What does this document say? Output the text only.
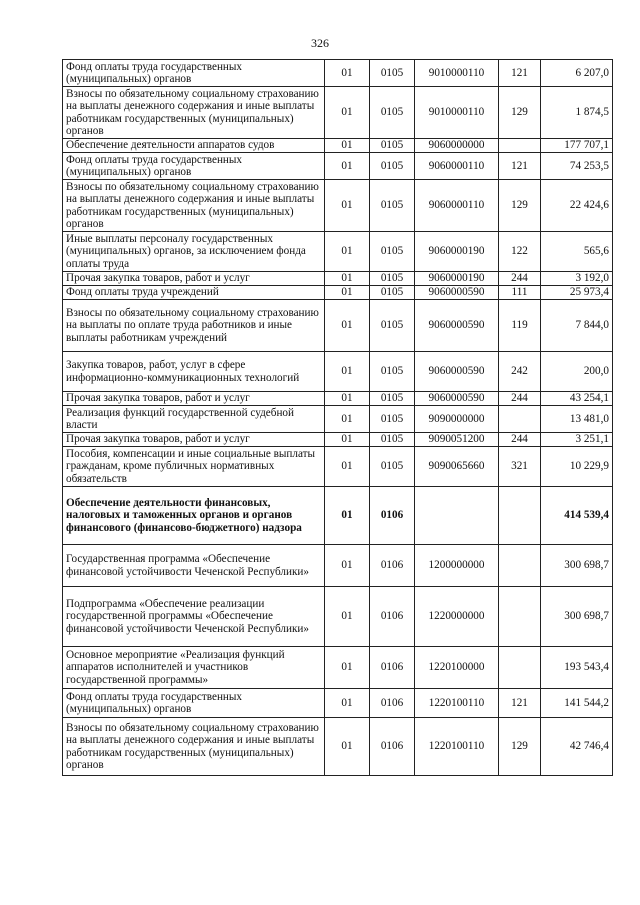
326
Фонд оплаты труда государственных (муниципальных) органов	01	0105	9010000110	121	6 207,0
Взносы по обязательному социальному страхованию на выплаты денежного содержания и иные выплаты работникам государственных (муниципальных) органов	01	0105	9010000110	129	1 874,5
Обеспечение деятельности аппаратов судов	01	0105	9060000000		177 707,1
Фонд оплаты труда государственных (муниципальных) органов	01	0105	9060000110	121	74 253,5
Взносы по обязательному социальному страхованию на выплаты денежного содержания и иные выплаты работникам государственных (муниципальных) органов	01	0105	9060000110	129	22 424,6
Иные выплаты персоналу государственных (муниципальных) органов, за исключением фонда оплаты труда	01	0105	9060000190	122	565,6
Прочая закупка товаров, работ и услуг	01	0105	9060000190	244	3 192,0
Фонд оплаты труда учреждений	01	0105	9060000590	111	25 973,4
Взносы по обязательному социальному страхованию на выплаты по оплате труда работников и иные выплаты работникам учреждений	01	0105	9060000590	119	7 844,0
Закупка товаров, работ, услуг в сфере информационно-коммуникационных технологий	01	0105	9060000590	242	200,0
Прочая закупка товаров, работ и услуг	01	0105	9060000590	244	43 254,1
Реализация функций государственной судебной власти	01	0105	9090000000		13 481,0
Прочая закупка товаров, работ и услуг	01	0105	9090051200	244	3 251,1
Пособия, компенсации и иные социальные выплаты гражданам, кроме публичных нормативных обязательств	01	0105	9090065660	321	10 229,9
Обеспечение деятельности финансовых, налоговых и таможенных органов и органов финансового (финансово-бюджетного) надзора	01	0106			414 539,4
Государственная программа «Обеспечение финансовой устойчивости Чеченской Республики»	01	0106	1200000000		300 698,7
Подпрограмма «Обеспечение реализации государственной программы «Обеспечение финансовой устойчивости Чеченской Республики»	01	0106	1220000000		300 698,7
Основное мероприятие «Реализация функций аппаратов исполнителей и участников государственной программы»	01	0106	1220100000		193 543,4
Фонд оплаты труда государственных (муниципальных) органов	01	0106	1220100110	121	141 544,2
Взносы по обязательному социальному страхованию на выплаты денежного содержания и иные выплаты работникам государственных (муниципальных) органов	01	0106	1220100110	129	42 746,4
